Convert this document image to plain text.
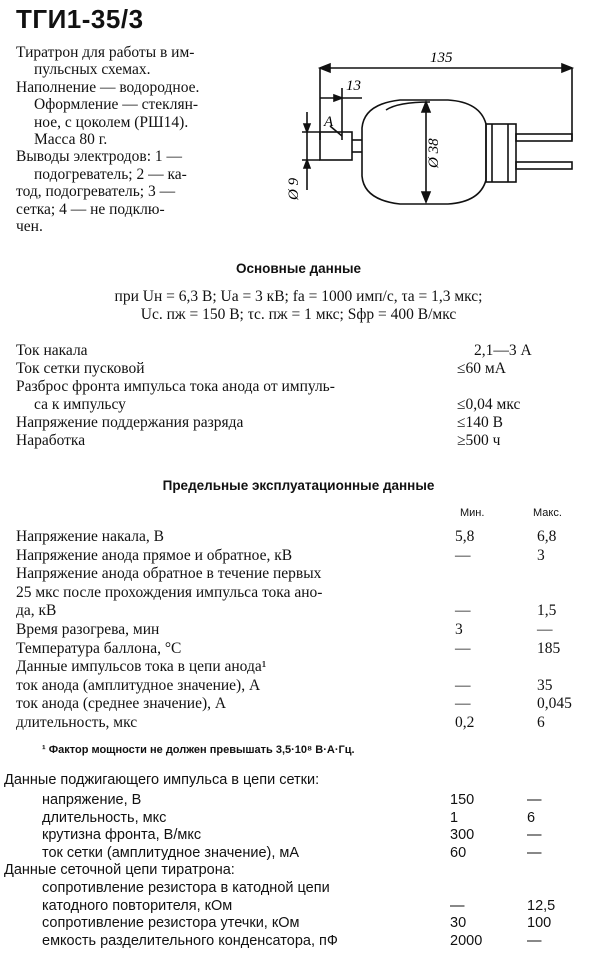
ТГИ1-35/3

Тиратрон для работы в им-

пульсных схемах.

Наполнение — водородное.

Оформление — стеклян-

ное, с цоколем (РШ14).

Масса 80 г.

Выводы электродов: 1 —

подогреватель; 2 — ка-

тод, подогреватель; 3 —

сетка; 4 — не подклю-

чен.

135
13
A
Ø 38
Ø 9
Основные данные
при Uн = 6,3 В; Uа = 3 кВ; fа = 1000 имп/с, τа = 1,3 мкс;
Uс. пж = 150 В; τс. пж = 1 мкс; Sфр = 400 В/мкс
Ток накала	2,1—3 А
Ток сетки пусковой	≤60 мА
Разброс фронта импульса тока анода от импуль-
са к импульсу	≤0,04 мкс
Напряжение поддержания разряда	≤140 В
Наработка	≥500 ч
Предельные эксплуатационные данные
Мин.	Макс.
Напряжение накала, В	5,8	6,8
Напряжение анода прямое и обратное, кВ	—	3
Напряжение анода обратное в течение первых
25 мкс после прохождения импульса тока ано-
да, кВ	—	1,5
Время разогрева, мин	3	—
Температура баллона, °С	—	185
Данные импульсов тока в цепи анода¹
ток анода (амплитудное значение), А	—	35
ток анода (среднее значение), А	—	0,045
длительность, мкс	0,2	6
¹ Фактор мощности не должен превышать 3,5·10⁸ В·А·Гц.
Данные поджигающего импульса в цепи сетки:
напряжение, В	150	—
длительность, мкс	1	6
крутизна фронта, В/мкс	300	—
ток сетки (амплитудное значение), мА	60	—
Данные сеточной цепи тиратрона:
сопротивление резистора в катодной цепи
катодного повторителя, кОм	—	12,5
сопротивление резистора утечки, кОм	30	100
емкость разделительного конденсатора, пФ	2000	—
